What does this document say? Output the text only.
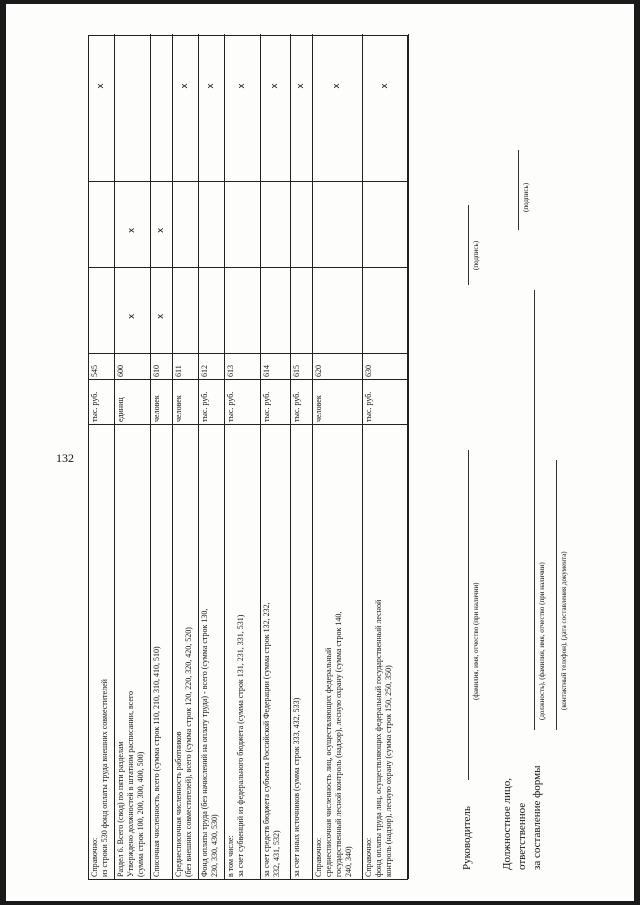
132
Справочно: из строки 530 фонд оплаты труда внешних совместителей
тыс. руб.
545
х
Раздел 6. Всего (свод) по пяти разделам Утверждено должностей в штатном расписании, всего (сумма строк 100, 200, 300, 400, 500)
единиц
600
х
х
Списочная численность, всего (сумма строк 110, 210, 310, 410, 510)
человек
610
х
х
Среднесписочная численность работников (без внешних совместителей), всего (сумма строк 120, 220, 320, 420, 520)
человек
611
х
Фонд оплаты труда (без начислений на оплату труда) - всего (сумма строк 130, 230, 330, 430, 530)
тыс. руб.
612
х
в том числе: за счет субвенций из федерального бюджета (сумма строк 131, 231, 331, 531)
тыс. руб.
613
х
за счет средств бюджета субъекта Российской Федерации (сумма строк 132, 232, 332, 431, 532)
тыс. руб.
614
х
за счет иных источников (сумма строк 333, 432, 533)
тыс. руб.
615
х
Справочно: среднесписочная численность лиц, осуществляющих федеральный государственный лесной контроль (надзор), лесную охрану (сумма строк 140, 240, 340)
человек
620
х
Справочно: фонд оплаты труда лиц, осуществляющих федеральный государственный лесной контроль (надзор), лесную охрану (сумма строк 150, 250, 350)
тыс. руб.
630
х
Руководитель
(фамилия, имя, отчество (при наличии)
(подпись)
Должностное лицо, ответственное за составление формы
(должность), (фамилия, имя, отчество (при наличии)
(подпись)
(контактный телефон), (дата составления документа)
